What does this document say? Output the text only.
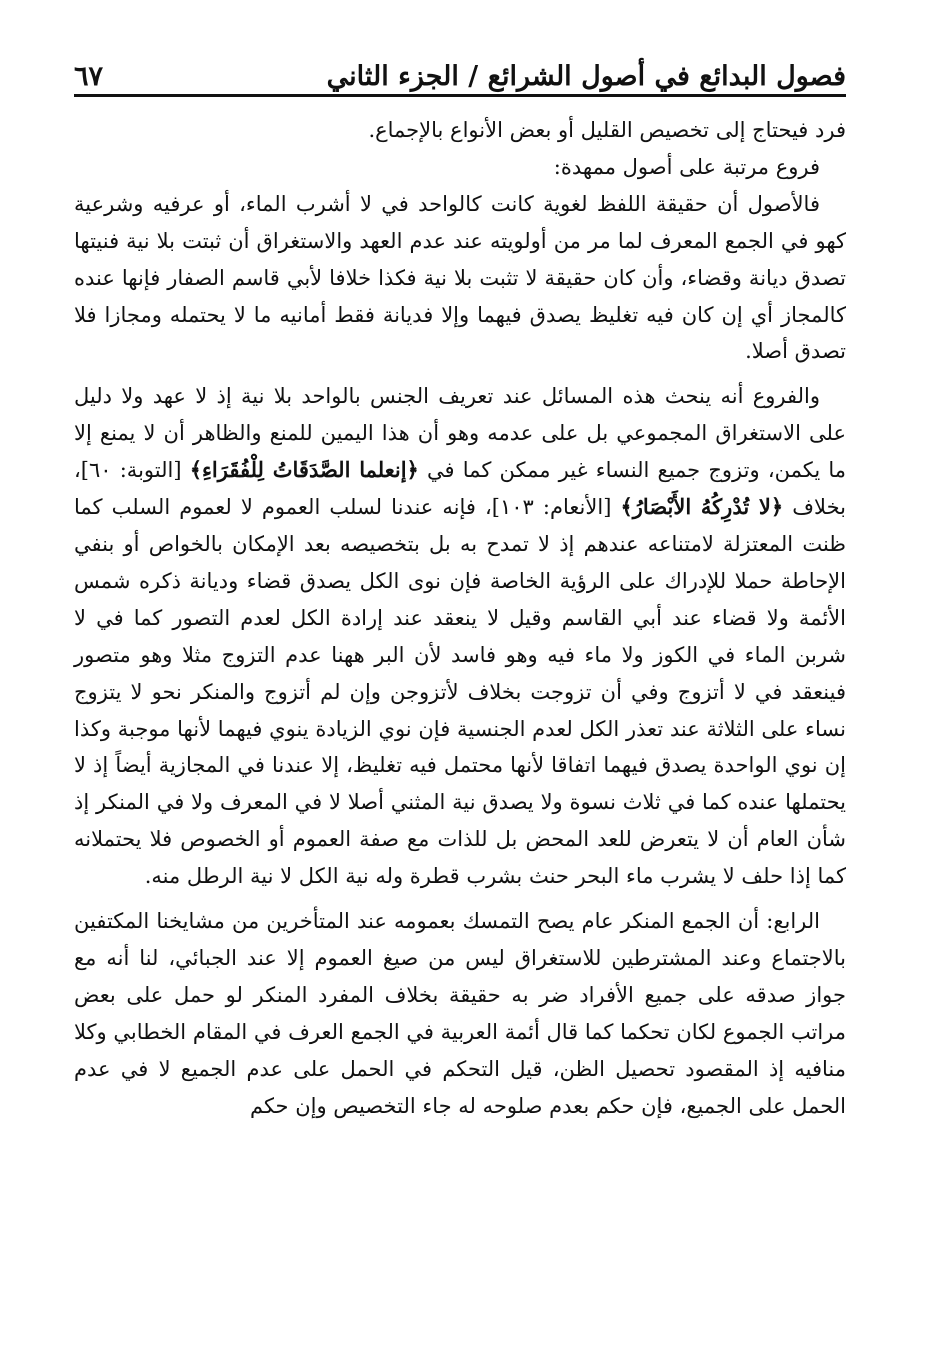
فصول البدائع في أصول الشرائع / الجزء الثاني
٦٧

فرد فيحتاج إلى تخصيص القليل أو بعض الأنواع بالإجماع.

فروع مرتبة على أصول ممهدة:

فالأصول أن حقيقة اللفظ لغوية كانت كالواحد في لا أشرب الماء، أو عرفيه وشرعية كهو في الجمع المعرف لما مر من أولويته عند عدم العهد والاستغراق أن ثبتت بلا نية فنيتها تصدق ديانة وقضاء، وأن كان حقيقة لا تثبت بلا نية فكذا خلافا لأبي قاسم الصفار فإنها عنده كالمجاز أي إن كان فيه تغليظ يصدق فيهما وإلا فديانة فقط أمانيه ما لا يحتمله ومجازا فلا تصدق أصلا.

والفروع أنه ينحث هذه المسائل عند تعريف الجنس بالواحد بلا نية إذ لا عهد ولا دليل على الاستغراق المجموعي بل على عدمه وهو أن هذا اليمين للمنع والظاهر أن لا يمنع إلا ما يكمن، وتزوج جميع النساء غير ممكن كما في ﴿إنعلما الصَّدَقَاتُ لِلْفُقَرَاءِ﴾ [التوبة: ٦٠]، بخلاف ﴿لا تُدْرِكُهُ الأَبْصَارُ﴾ [الأنعام: ١٠٣]، فإنه عندنا لسلب العموم لا لعموم السلب كما ظنت المعتزلة لامتناعه عندهم إذ لا تمدح به بل بتخصيصه بعد الإمكان بالخواص أو بنفي الإحاطة حملا للإدراك على الرؤية الخاصة فإن نوى الكل يصدق قضاء وديانة ذكره شمس الأئمة ولا قضاء عند أبي القاسم وقيل لا ينعقد عند إرادة الكل لعدم التصور كما في لا شربن الماء في الكوز ولا ماء فيه وهو فاسد لأن البر ههنا عدم التزوج مثلا وهو متصور فينعقد في لا أتزوج وفي أن تزوجت بخلاف لأتزوجن وإن لم أتزوج والمنكر نحو لا يتزوج نساء على الثلاثة عند تعذر الكل لعدم الجنسية فإن نوي الزيادة ينوي فيهما لأنها موجبة وكذا إن نوي الواحدة يصدق فيهما اتفاقا لأنها محتمل فيه تغليظ، إلا عندنا في المجازية أيضاً إذ لا يحتملها عنده كما في ثلاث نسوة ولا يصدق نية المثني أصلا لا في المعرف ولا في المنكر إذ شأن العام أن لا يتعرض للعد المحض بل للذات مع صفة العموم أو الخصوص فلا يحتملانه كما إذا حلف لا يشرب ماء البحر حنث بشرب قطرة وله نية الكل لا نية الرطل منه.

الرابع: أن الجمع المنكر عام يصح التمسك بعمومه عند المتأخرين من مشايخنا المكتفين بالاجتماع وعند المشترطين للاستغراق ليس من صيغ العموم إلا عند الجبائي، لنا أنه مع جواز صدقه على جميع الأفراد ضر به حقيقة بخلاف المفرد المنكر لو حمل على بعض مراتب الجموع لكان تحكما كما قال أئمة العربية في الجمع العرف في المقام الخطابي وكلا منافيه إذ المقصود تحصيل الظن، قيل التحكم في الحمل على عدم الجميع لا في عدم الحمل على الجميع، فإن حكم بعدم صلوحه له جاء التخصيص وإن حكم
